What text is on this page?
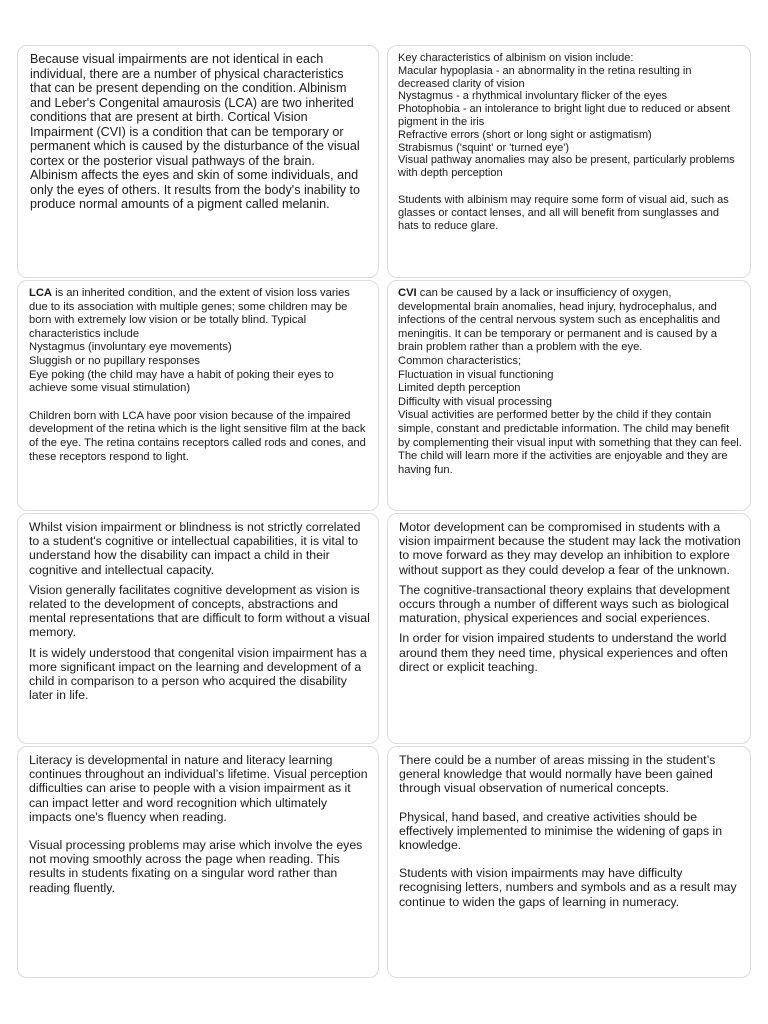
Because visual impairments are not identical in each individual, there are a number of physical characteristics that can be present depending on the condition. Albinism and Leber's Congenital amaurosis (LCA) are two inherited conditions that are present at birth. Cortical Vision Impairment (CVI) is a condition that can be temporary or permanent which is caused by the disturbance of the visual cortex or the posterior visual pathways of the brain.

Albinism affects the eyes and skin of some individuals, and only the eyes of others. It results from the body's inability to produce normal amounts of a pigment called melanin.

Key characteristics of albinism on vision include:
Macular hypoplasia - an abnormality in the retina resulting in decreased clarity of vision
Nystagmus - a rhythmical involuntary flicker of the eyes
Photophobia - an intolerance to bright light due to reduced or absent pigment in the iris
Refractive errors (short or long sight or astigmatism)
Strabismus ('squint' or 'turned eye')
Visual pathway anomalies may also be present, particularly problems with depth perception

Students with albinism may require some form of visual aid, such as glasses or contact lenses, and all will benefit from sunglasses and hats to reduce glare.

LCA is an inherited condition, and the extent of vision loss varies due to its association with multiple genes; some children may be born with extremely low vision or be totally blind. Typical characteristics include
Nystagmus (involuntary eye movements)
Sluggish or no pupillary responses
Eye poking (the child may have a habit of poking their eyes to achieve some visual stimulation)

Children born with LCA have poor vision because of the impaired development of the retina which is the light sensitive film at the back of the eye. The retina contains receptors called rods and cones, and these receptors respond to light.

CVI can be caused by a lack or insufficiency of oxygen, developmental brain anomalies, head injury, hydrocephalus, and infections of the central nervous system such as encephalitis and meningitis. It can be temporary or permanent and is caused by a brain problem rather than a problem with the eye.
Common characteristics;
Fluctuation in visual functioning
Limited depth perception
Difficulty with visual processing
Visual activities are performed better by the child if they contain simple, constant and predictable information. The child may benefit by complementing their visual input with something that they can feel. The child will learn more if the activities are enjoyable and they are having fun.

Whilst vision impairment or blindness is not strictly correlated to a student's cognitive or intellectual capabilities, it is vital to understand how the disability can impact a child in their cognitive and intellectual capacity.

Vision generally facilitates cognitive development as vision is related to the development of concepts, abstractions and mental representations that are difficult to form without a visual memory.

It is widely understood that congenital vision impairment has a more significant impact on the learning and development of a child in comparison to a person who acquired the disability later in life.

Motor development can be compromised in students with a vision impairment because the student may lack the motivation to move forward as they may develop an inhibition to explore without support as they could develop a fear of the unknown.

The cognitive-transactional theory explains that development occurs through a number of different ways such as biological maturation, physical experiences and social experiences.

In order for vision impaired students to understand the world around them they need time, physical experiences and often direct or explicit teaching.

Literacy is developmental in nature and literacy learning continues throughout an individual’s lifetime. Visual perception difficulties can arise to people with a vision impairment as it can impact letter and word recognition which ultimately impacts one's fluency when reading.

Visual processing problems may arise which involve the eyes not moving smoothly across the page when reading. This results in students fixating on a singular word rather than reading fluently.

There could be a number of areas missing in the student’s general knowledge that would normally have been gained through visual observation of numerical concepts.

Physical, hand based, and creative activities should be effectively implemented to minimise the widening of gaps in knowledge.

Students with vision impairments may have difficulty recognising letters, numbers and symbols and as a result may continue to widen the gaps of learning in numeracy.
